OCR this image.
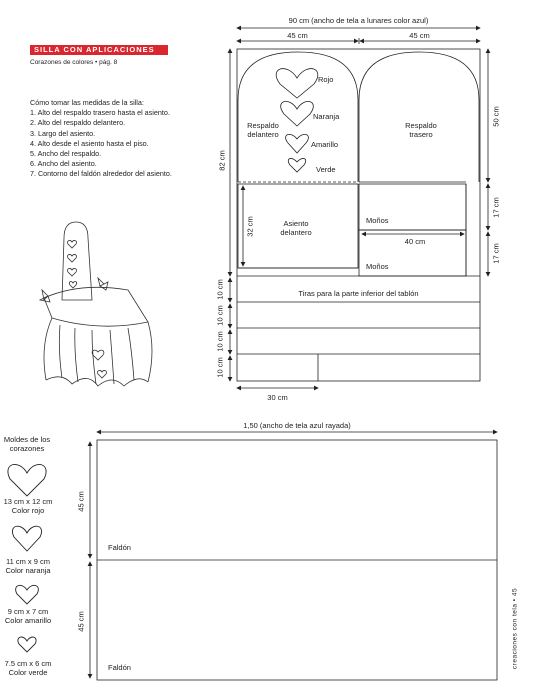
SILLA CON APLICACIONES
Corazones de colores • pág. 8
Cómo tomar las medidas de la silla:
1. Alto del respaldo trasero hasta el asiento.
2. Alto del respaldo delantero.
3. Largo del asiento.
4. Alto desde el asiento hasta el piso.
5. Ancho del respaldo.
6. Ancho del asiento.
7. Contorno del faldón alrededor del asiento.
90 cm (ancho de tela a lunares color azul)
45 cm	45 cm
Respaldo delantero
Respaldo trasero
Rojo
Naranja
Amarillo
Verde
Asiento delantero
Moños
40 cm
Moños
Tiras para la parte inferior del tablón
30 cm
82 cm
32 cm
10 cm
10 cm
10 cm
10 cm
50 cm
17 cm
17 cm
1,50 (ancho de tela azul rayada)
Faldón
Faldón
45 cm
45 cm
Moldes de los corazones
13 cm x 12 cm
Color rojo
11 cm x 9 cm
Color naranja
9 cm x 7 cm
Color amarillo
7.5 cm x 6 cm
Color verde
creaciones con tela • 45
